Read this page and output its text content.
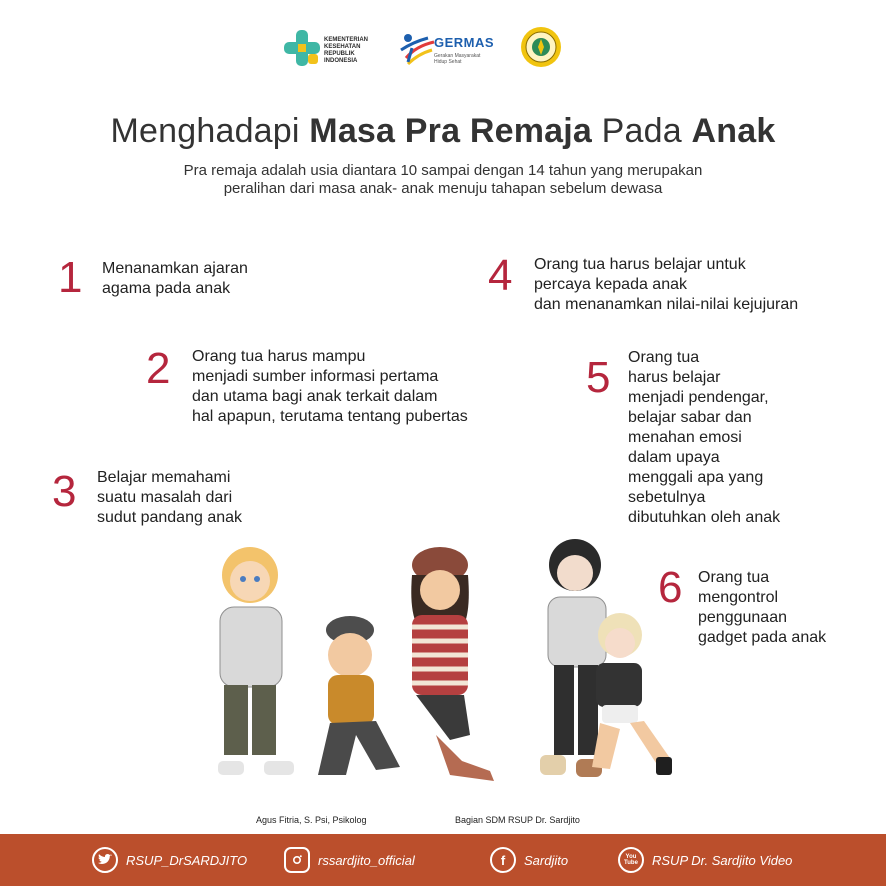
KEMENTERIAN
KESEHATAN
REPUBLIK
INDONESIA
GERMAS
Gerakan Masyarakat Hidup Sehat
Menghadapi Masa Pra Remaja Pada Anak
Pra remaja adalah usia diantara 10 sampai dengan 14 tahun yang merupakan
peralihan dari masa anak- anak menuju tahapan sebelum dewasa
1 Menanamkan ajaran
agama pada anak
2 Orang tua harus mampu
menjadi sumber informasi pertama
dan utama bagi anak terkait dalam
hal apapun, terutama tentang pubertas
3 Belajar memahami
suatu masalah dari
sudut pandang anak
4 Orang tua harus belajar untuk
percaya kepada anak
dan menanamkan nilai-nilai kejujuran
5 Orang tua
harus belajar
menjadi pendengar,
belajar sabar dan
menahan emosi
dalam upaya
menggali apa yang
sebetulnya
dibutuhkan oleh anak
6 Orang tua
mengontrol
penggunaan
gadget pada anak
Agus Fitria, S. Psi, Psikolog	Bagian SDM RSUP Dr. Sardjito
RSUP_DrSARDJITO	rssardjito_official	f	Sardjito	You Tube	RSUP Dr. Sardjito Video
